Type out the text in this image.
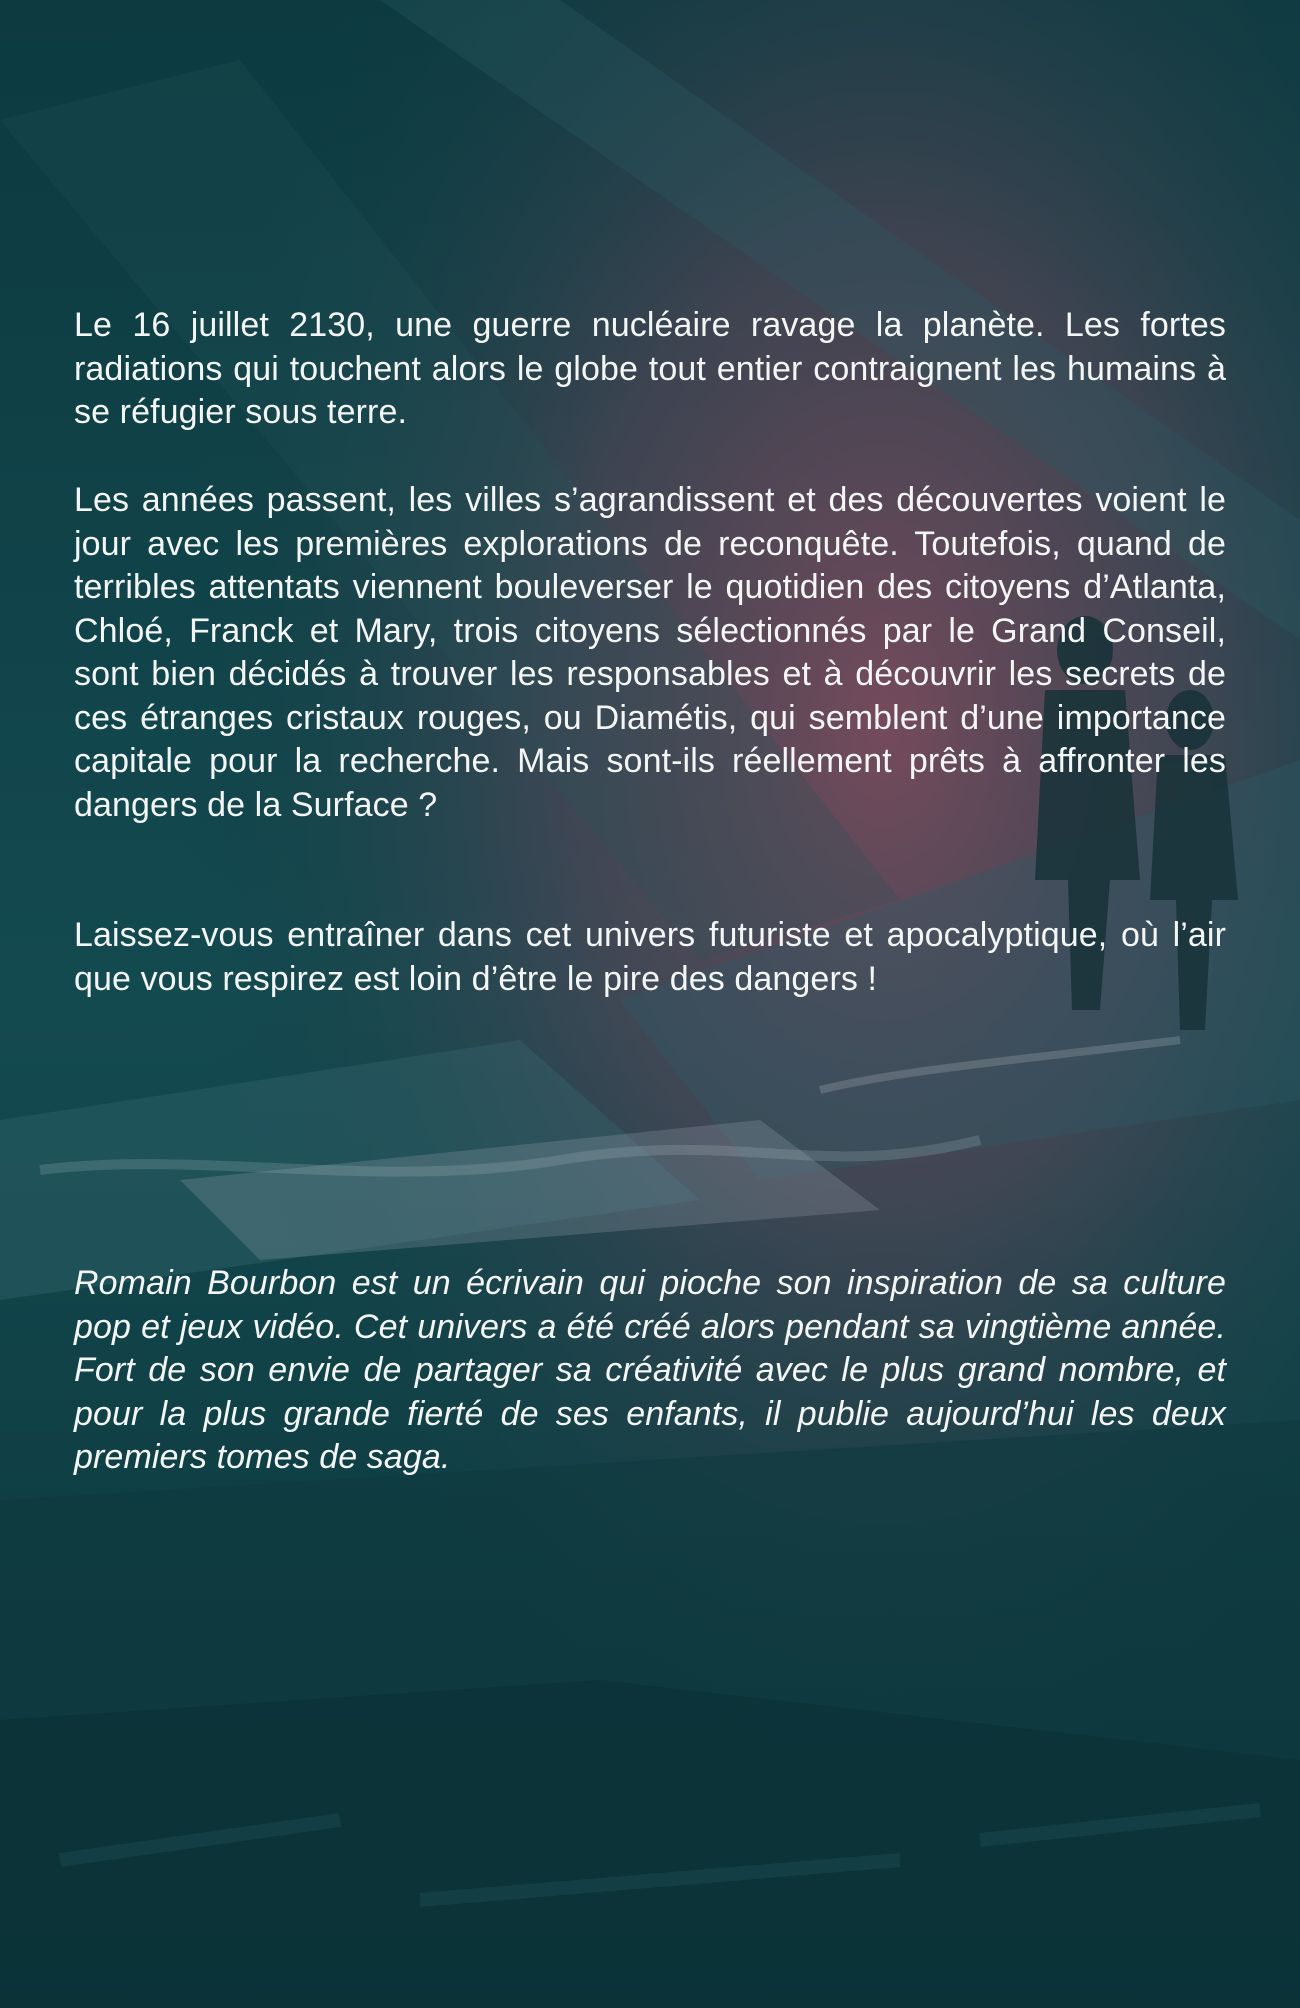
Le 16 juillet 2130, une guerre nucléaire ravage la planète. Les fortes radiations qui touchent alors le globe tout entier contraignent les humains à se réfugier sous terre.

Les années passent, les villes s’agrandissent et des découvertes voient le jour avec les premières explorations de reconquête. Toutefois, quand de terribles attentats viennent bouleverser le quotidien des citoyens d’Atlanta, Chloé, Franck et Mary, trois citoyens sélectionnés par le Grand Conseil, sont bien décidés à trouver les responsables et à découvrir les secrets de ces étranges cristaux rouges, ou Diamétis, qui semblent d’une importance capitale pour la recherche. Mais sont-ils réellement prêts à affronter les dangers de la Surface ?

Laissez-vous entraîner dans cet univers futuriste et apocalyptique, où l’air que vous respirez est loin d’être le pire des dangers !

Romain Bourbon est un écrivain qui pioche son inspiration de sa culture pop et jeux vidéo. Cet univers a été créé alors pendant sa vingtième année. Fort de son envie de partager sa créativité avec le plus grand nombre, et pour la plus grande fierté de ses enfants, il publie aujourd’hui les deux premiers tomes de saga.
